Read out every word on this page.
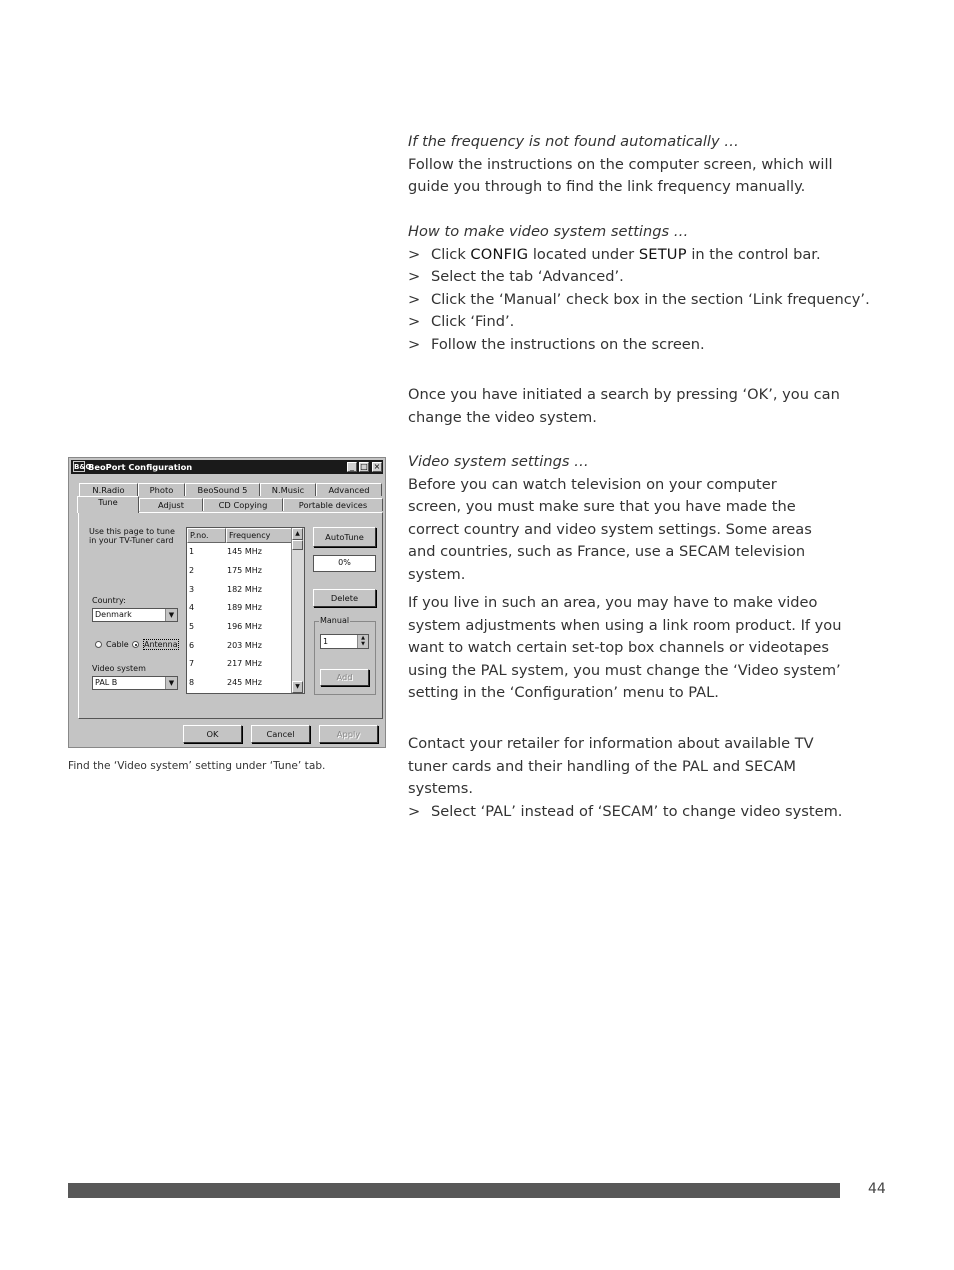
If the frequency is not found automatically …

Follow the instructions on the computer screen, which will guide you through to find the link frequency manually.

How to make video system settings …

> Click CONFIG located under SETUP in the control bar.

> Select the tab ‘Advanced’.

> Click the ‘Manual’ check box in the section ‘Link frequency’.

> Click ‘Find’.

> Follow the instructions on the screen.

Once you have initiated a search by pressing ‘OK’, you can change the video system.

Video system settings …

Before you can watch television on your computer screen, you must make sure that you have made the correct country and video system settings. Some areas and countries, such as France, use a SECAM television system.

If you live in such an area, you may have to make video system adjustments when using a link room product. If you want to watch certain set-top box channels or videotapes using the PAL system, you must change the ‘Video system’ setting in the ‘Configuration’ menu to PAL.

Contact your retailer for information about available TV tuner cards and their handling of the PAL and SECAM systems.

> Select ‘PAL’ instead of ‘SECAM’ to change video system.

B&O
BeoPort Configuration	_ □ ×
N.Radio	Photo	BeoSound 5	N.Music	Advanced
Tune	Adjust	CD Copying	Portable devices
Use this page to tune in your TV-Tuner card
Country:
Denmark	▼
Cable Antenna
Video system
PAL B	▼
P.no.	Frequency	▲
▼
1	145 MHz
2	175 MHz
3	182 MHz
4	189 MHz
5	196 MHz
6	203 MHz
7	217 MHz
8	245 MHz
AutoTune
0%
Delete
Manual
1	▲
▼
Add
OK	Cancel	Apply
Find the ‘Video system’ setting under ‘Tune’ tab.
44
